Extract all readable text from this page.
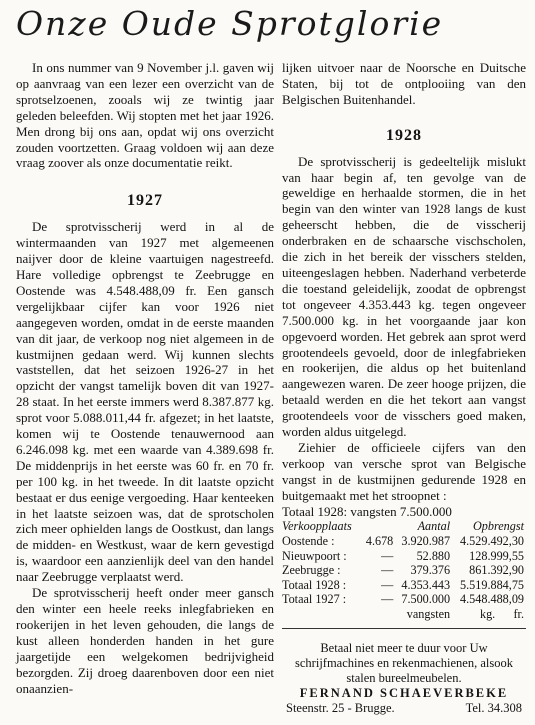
Onze Oude Sprotglorie

In ons nummer van 9 November j.l. gaven wij op aanvraag van een lezer een overzicht van de sprotselzoenen, zooals wij ze twintig jaar geleden beleefden. Wij stopten met het jaar 1926. Men drong bij ons aan, opdat wij ons overzicht zouden voortzetten. Graag voldoen wij aan deze vraag zoover als onze documentatie reikt.

1927

De sprotvisscherij werd in al de wintermaanden van 1927 met algemeenen naijver door de kleine vaartuigen nagestreefd. Hare volledige opbrengst te Zeebrugge en Oostende was 4.548.488,09 fr. Een gansch vergelijkbaar cijfer kan voor 1926 niet aangegeven worden, omdat in de eerste maanden van dit jaar, de verkoop nog niet algemeen in de kustmijnen gedaan werd. Wij kunnen slechts vaststellen, dat het seizoen 1926-27 in het opzicht der vangst tamelijk boven dit van 1927-28 staat. In het eerste immers werd 8.387.877 kg. sprot voor 5.088.011,44 fr. afgezet; in het laatste, komen wij te Oostende tenauwernood aan 6.246.098 kg. met een waarde van 4.389.698 fr. De middenprijs in het eerste was 60 fr. en 70 fr. per 100 kg. in het tweede. In dit laatste opzicht bestaat er dus eenige vergoeding. Haar kenteeken in het laatste seizoen was, dat de sprotscholen zich meer ophielden langs de Oostkust, dan langs de midden- en Westkust, waar de kern gevestigd is, waardoor een aanzienlijk deel van den handel naar Zeebrugge verplaatst werd.

De sprotvisscherij heeft onder meer gansch den winter een heele reeks inlegfabrieken en rookerijen in het leven gehouden, die langs de kust alleen honderden handen in het gure jaargetijde een welgekomen bedrijvigheid bezorgden. Zij droeg daarenboven door een niet onaanzien-

lijken uitvoer naar de Noorsche en Duitsche Staten, bij tot de ontplooiing van den Belgischen Buitenhandel.

1928

De sprotvisscherij is gedeeltelijk mislukt van haar begin af, ten gevolge van de geweldige en herhaalde stormen, die in het begin van den winter van 1928 langs de kust geheerscht hebben, die de visscherij onderbraken en de schaarsche vischscholen, die zich in het bereik der visschers stelden, uiteengeslagen hebben. Naderhand verbeterde die toestand geleidelijk, zoodat de opbrengst tot ongeveer 4.353.443 kg. tegen ongeveer 7.500.000 kg. in het voorgaande jaar kon opgevoerd worden. Het gebrek aan sprot werd grootendeels gevoeld, door de inlegfabrieken en rookerijen, die aldus op het buitenland aangewezen waren. De zeer hooge prijzen, die betaald werden en die het tekort aan vangst grootendeels voor de visschers goed maken, worden aldus uitgelegd.

Ziehier de officieele cijfers van den verkoop van versche sprot van Belgische vangst in de kustmijnen gedurende 1928 en buitgemaakt met het stroopnet :

Totaal 1928: vangsten 7.500.000

Verkoopplaats	Aantal		Opbrengst
Oostende :	4.678	3.920.987	4.529.492,30
Nieuwpoort :	—	52.880	128.999,55
Zeebrugge :	—	379.376	861.392,90
Totaal 1928 :	—	4.353.443	5.519.884,75
Totaal 1927 :	—	7.500.000	4.548.488,09
	vangsten		kg. fr.
Betaal niet meer te duur voor Uw schrijfmachines en rekenmachienen, alsook stalen bureelmeubelen.
FERNAND SCHAEVERBEKE
Steenstr. 25 - Brugge.	Tel. 34.308
